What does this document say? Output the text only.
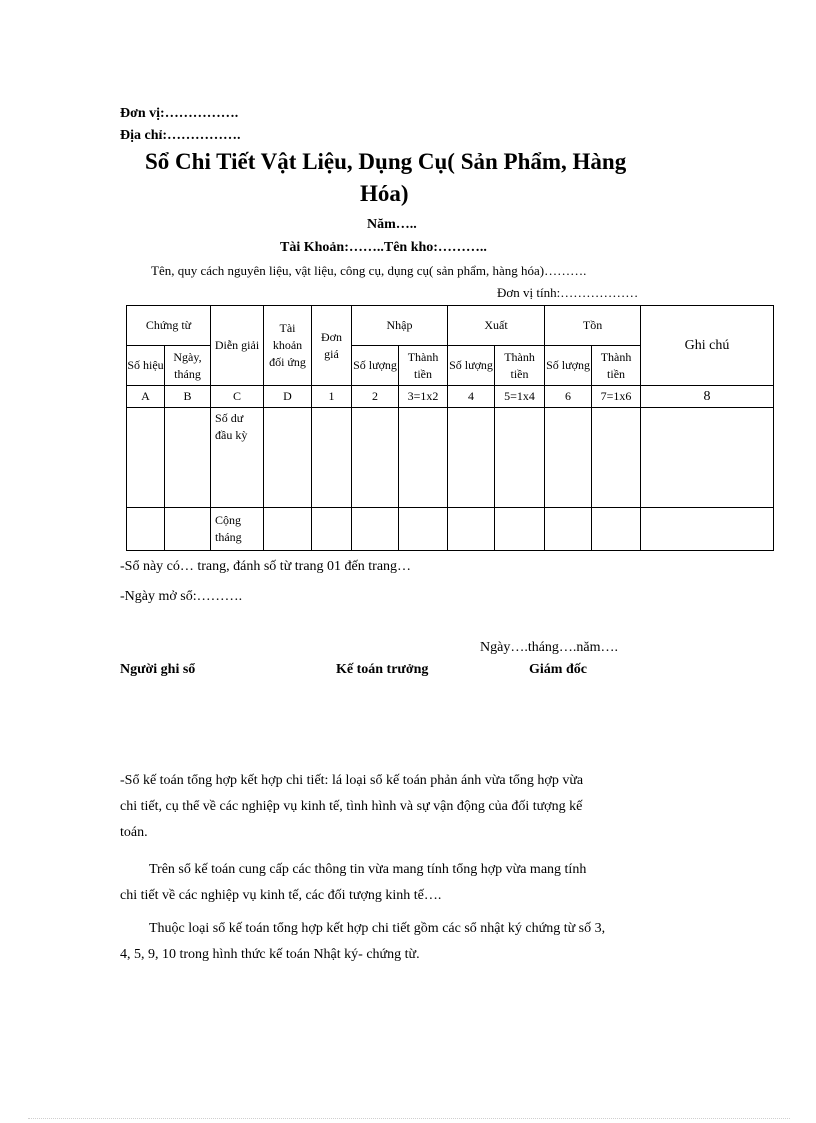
Đơn vị:…………….
Địa chỉ:…………….
Sổ Chi Tiết Vật Liệu, Dụng Cụ( Sản Phẩm, Hàng
Hóa)
Năm…..
Tài Khoản:……..Tên kho:………..
Tên, quy cách nguyên liệu, vật liệu, công cụ, dụng cụ( sản phẩm, hàng hóa)……….
Đơn vị tính:………………
Chứng từ		Diễn giải	Tài khoản đối ứng	Đơn giá	Nhập		Xuất		Tồn		Ghi chú
Số hiệu	Ngày, tháng				Số lượng	Thành tiền	Số lượng	Thành tiền	Số lượng	Thành tiền	
A	B	C	D	1	2	3=1x2	4	5=1x4	6	7=1x6	8
		Số dư đầu kỳ									
		Cộng tháng									
-Sổ này có… trang, đánh số từ trang 01 đến trang…
-Ngày mở sổ:……….
Ngày….tháng….năm….
Người ghi sổ	Kế toán trưởng	Giám đốc
-Sổ kế toán tổng hợp kết hợp chi tiết: lá loại sổ kế toán phản ánh vừa tổng hợp vừa
chi tiết, cụ thể về các nghiệp vụ kinh tế, tình hình và sự vận động của đối tượng kế
toán.
Trên sổ kế toán cung cấp các thông tin vừa mang tính tổng hợp vừa mang tính
chi tiết về các nghiệp vụ kinh tế, các đối tượng kinh tế….
Thuộc loại sổ kế toán tổng hợp kết hợp chi tiết gồm các sổ nhật ký chứng từ số 3,
4, 5, 9, 10 trong hình thức kế toán Nhật ký- chứng từ.
